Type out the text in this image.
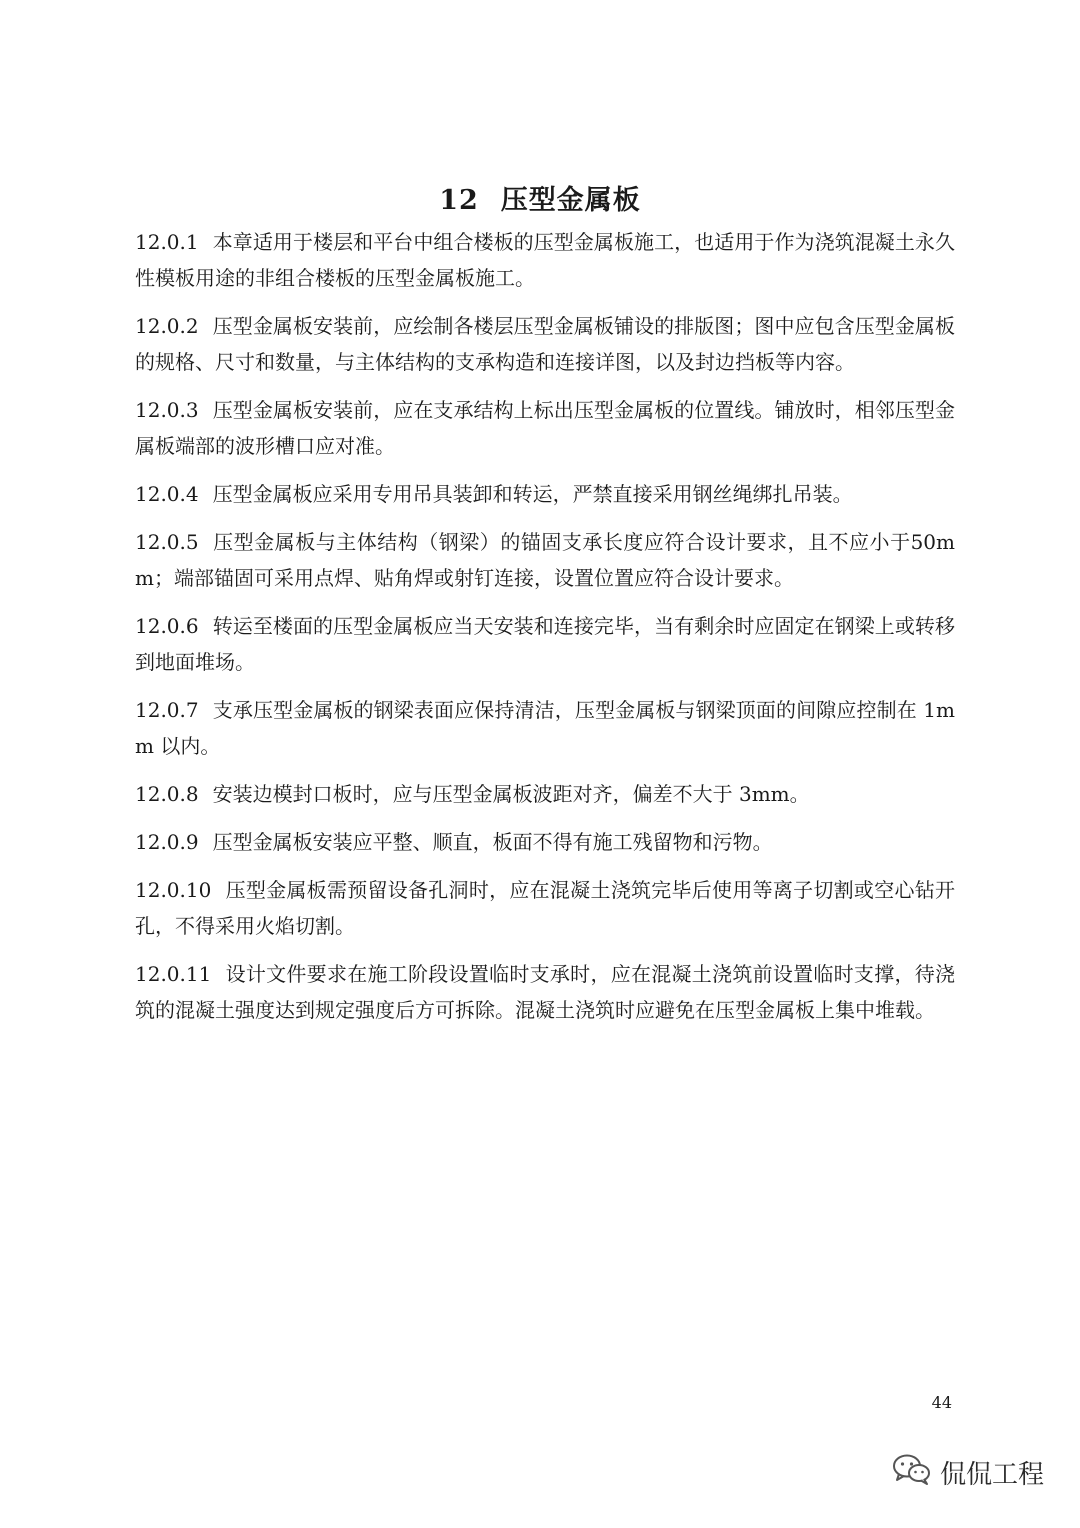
12 压型金属板

12.0.1 本章适用于楼层和平台中组合楼板的压型金属板施工，也适用于作为浇筑混凝土永久性模板用途的非组合楼板的压型金属板施工。

12.0.2 压型金属板安装前，应绘制各楼层压型金属板铺设的排版图；图中应包含压型金属板的规格、尺寸和数量，与主体结构的支承构造和连接详图，以及封边挡板等内容。

12.0.3 压型金属板安装前，应在支承结构上标出压型金属板的位置线。铺放时，相邻压型金属板端部的波形槽口应对准。

12.0.4 压型金属板应采用专用吊具装卸和转运，严禁直接采用钢丝绳绑扎吊装。

12.0.5 压型金属板与主体结构（钢梁）的锚固支承长度应符合设计要求，且不应小于50mm；端部锚固可采用点焊、贴角焊或射钉连接，设置位置应符合设计要求。

12.0.6 转运至楼面的压型金属板应当天安装和连接完毕，当有剩余时应固定在钢梁上或转移到地面堆场。

12.0.7 支承压型金属板的钢梁表面应保持清洁，压型金属板与钢梁顶面的间隙应控制在 1mm 以内。

12.0.8 安装边模封口板时，应与压型金属板波距对齐，偏差不大于 3mm。

12.0.9 压型金属板安装应平整、顺直，板面不得有施工残留物和污物。

12.0.10 压型金属板需预留设备孔洞时，应在混凝土浇筑完毕后使用等离子切割或空心钻开孔，不得采用火焰切割。

12.0.11 设计文件要求在施工阶段设置临时支承时，应在混凝土浇筑前设置临时支撑，待浇筑的混凝土强度达到规定强度后方可拆除。混凝土浇筑时应避免在压型金属板上集中堆载。

44
侃侃工程
